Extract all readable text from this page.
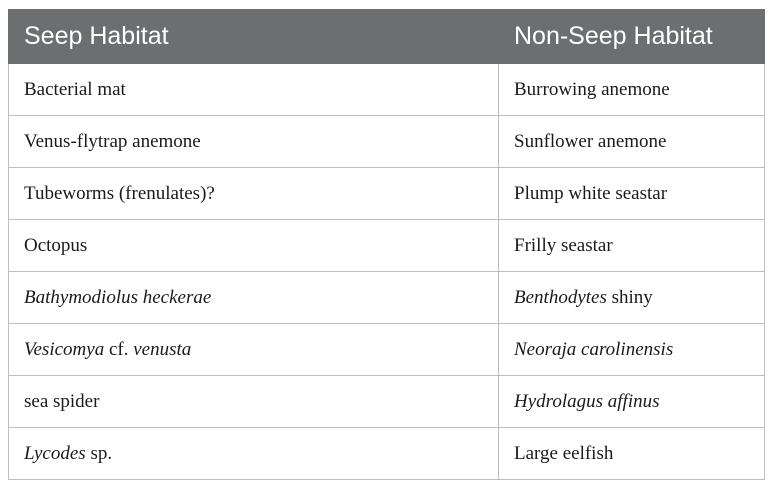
Seep Habitat	Non-Seep Habitat
Bacterial mat	Burrowing anemone
Venus-flytrap anemone	Sunflower anemone
Tubeworms (frenulates)?	Plump white seastar
Octopus	Frilly seastar
Bathymodiolus heckerae	Benthodytes shiny
Vesicomya cf. venusta	Neoraja carolinensis
sea spider	Hydrolagus affinus
Lycodes sp.	Large eelfish
